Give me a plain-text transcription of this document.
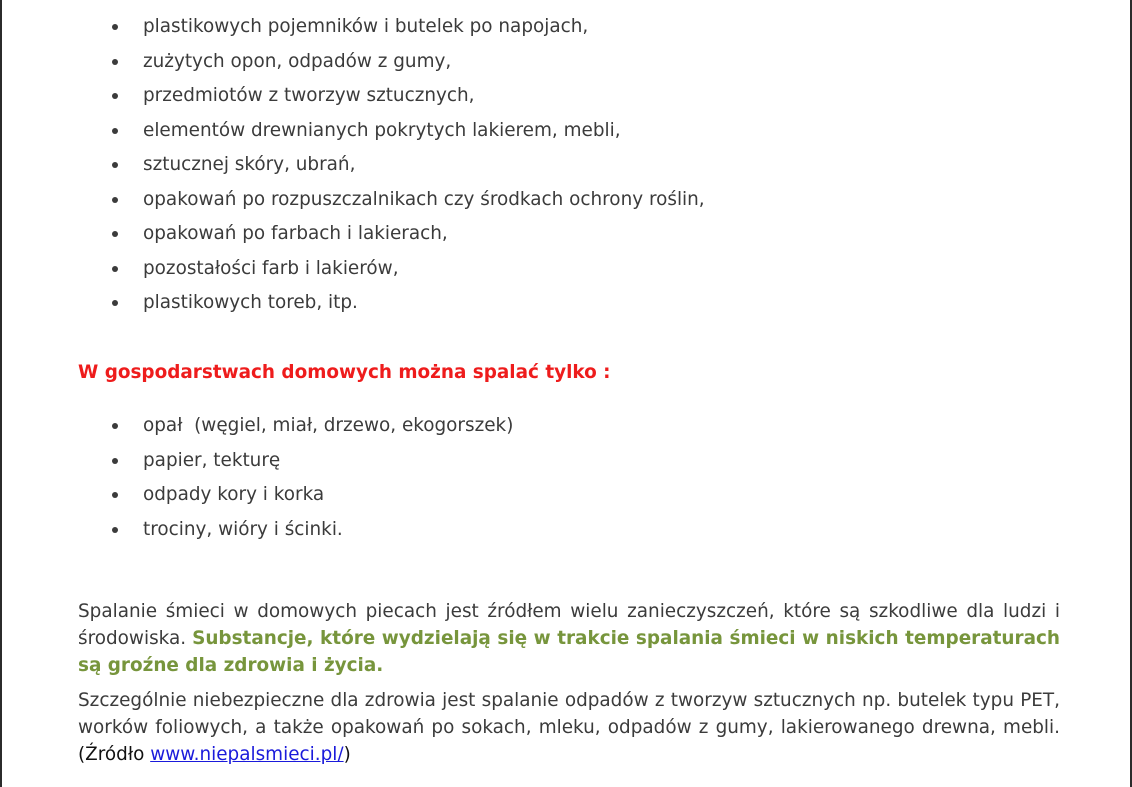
plastikowych pojemników i butelek po napojach,
zużytych opon, odpadów z gumy,
przedmiotów z tworzyw sztucznych,
elementów drewnianych pokrytych lakierem, mebli,
sztucznej skóry, ubrań,
opakowań po rozpuszczalnikach czy środkach ochrony roślin,
opakowań po farbach i lakierach,
pozostałości farb i lakierów,
plastikowych toreb, itp.
W gospodarstwach domowych można spalać tylko :
opał  (węgiel, miał, drzewo, ekogorszek)
papier, tekturę
odpady kory i korka
trociny, wióry i ścinki.

Spalanie śmieci w domowych piecach jest źródłem wielu zanieczyszczeń, które są szkodliwe dla ludzi i środowiska. Substancje, które wydzielają się w trakcie spalania śmieci w niskich temperaturach są groźne dla zdrowia i życia.

Szczególnie niebezpieczne dla zdrowia jest spalanie odpadów z tworzyw sztucznych np. butelek typu PET, worków foliowych, a także opakowań po sokach, mleku, odpadów z gumy, lakierowanego drewna, mebli. (Źródło www.niepalsmieci.pl/)
